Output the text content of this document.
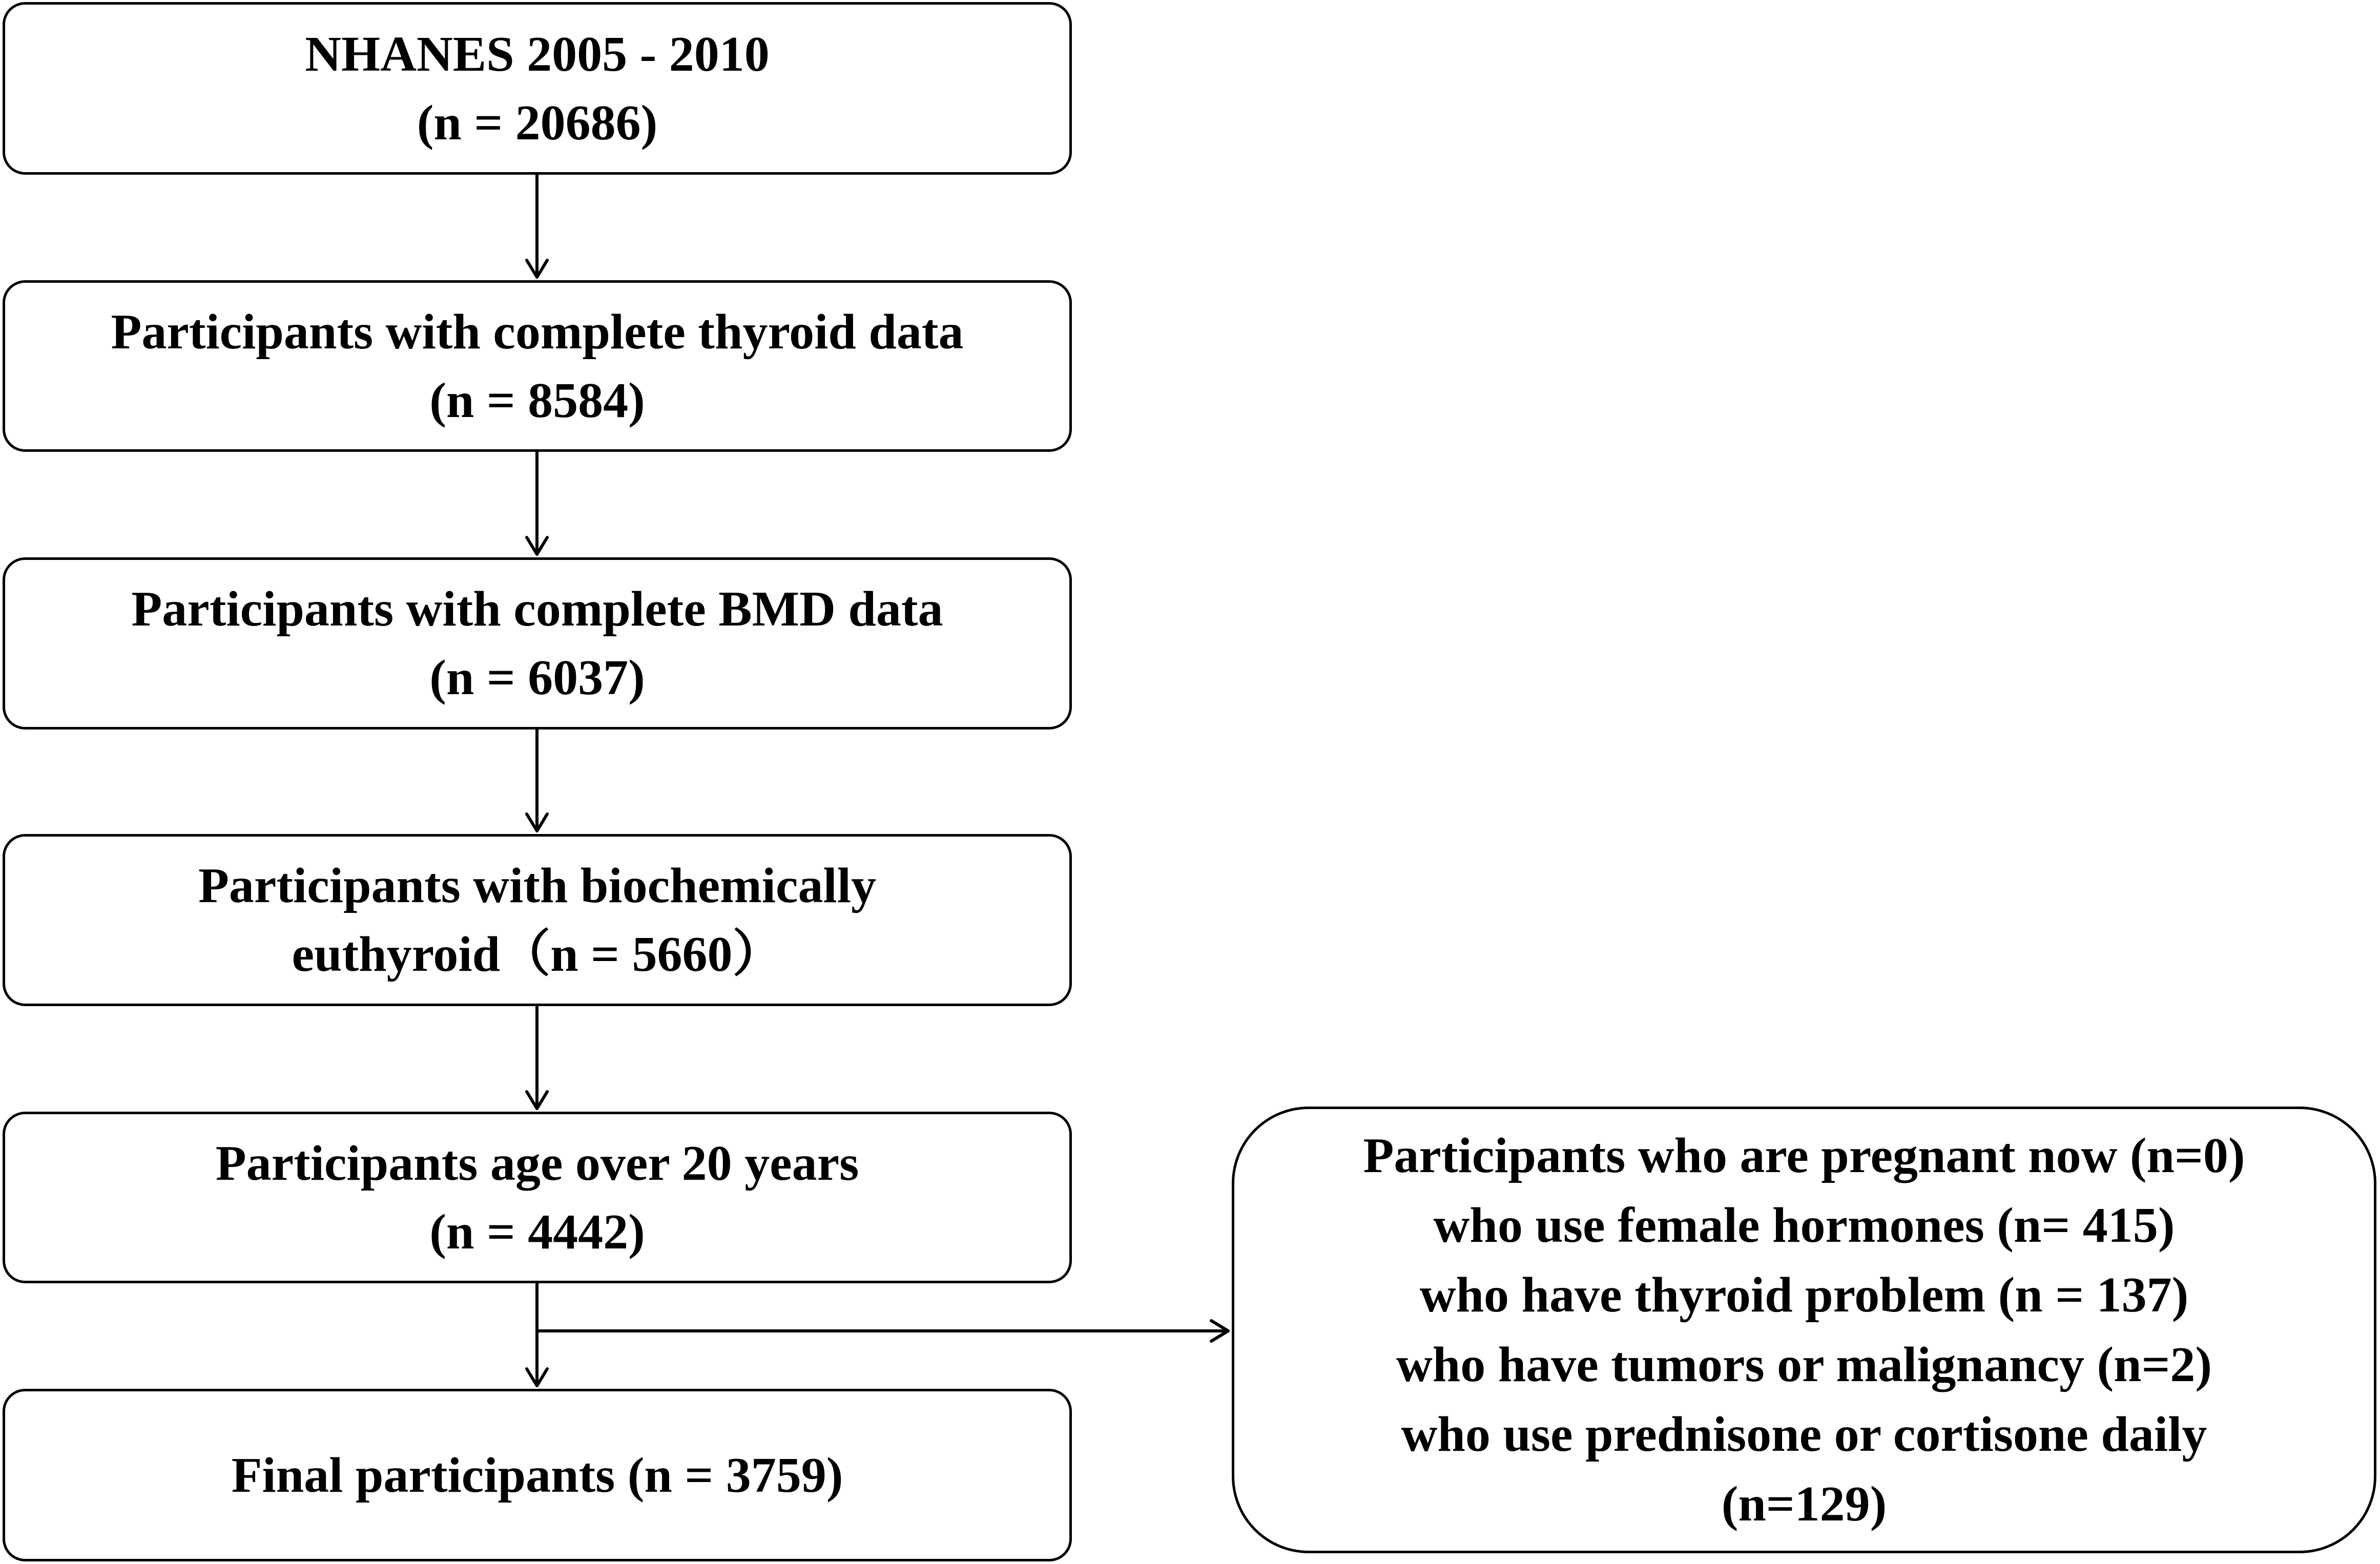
NHANES 2005 - 2010
(n = 20686)
Participants with complete thyroid data
(n = 8584)
Participants with complete BMD data
(n = 6037)
Participants with biochemically
euthyroid（n = 5660）
Participants age over 20 years
(n = 4442)
Final participants (n = 3759)
Participants who are pregnant now (n=0)
who use female hormones (n= 415)
who have thyroid problem (n = 137)
who have tumors or malignancy (n=2)
who use prednisone or cortisone daily
(n=129)
